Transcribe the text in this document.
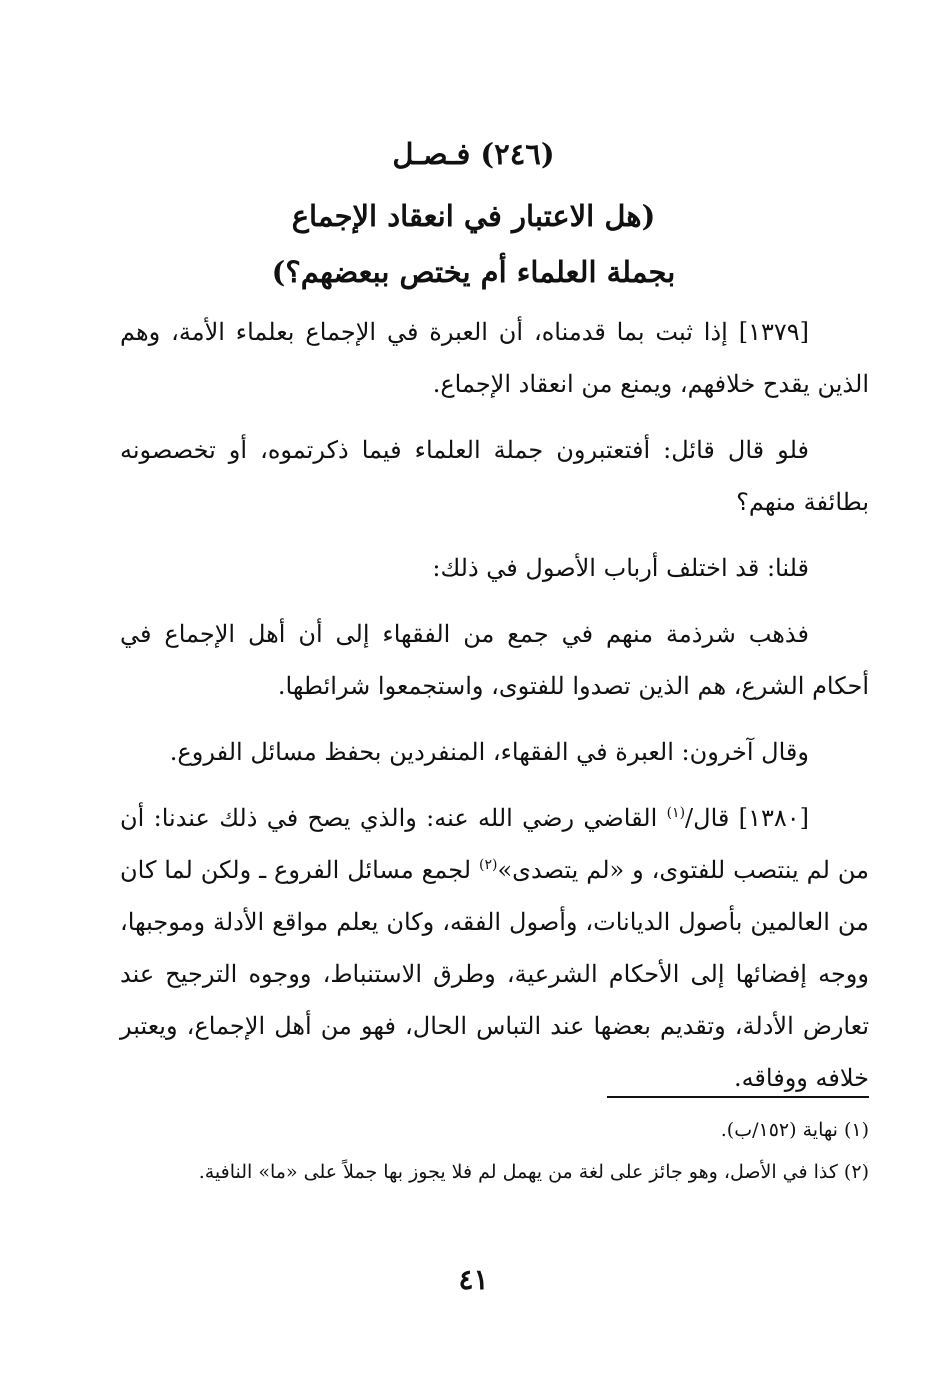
(٢٤٦) فـصـل
(هل الاعتبار في انعقاد الإجماع
بجملة العلماء أم يختص ببعضهم؟)

[١٣٧٩] إذا ثبت بما قدمناه، أن العبرة في الإجماع بعلماء الأمة، وهم الذين يقدح خلافهم، ويمنع من انعقاد الإجماع.

فلو قال قائل: أفتعتبرون جملة العلماء فيما ذكرتموه، أو تخصصونه بطائفة منهم؟

قلنا: قد اختلف أرباب الأصول في ذلك:

فذهب شرذمة منهم في جمع من الفقهاء إلى أن أهل الإجماع في أحكام الشرع، هم الذين تصدوا للفتوى، واستجمعوا شرائطها.

وقال آخرون: العبرة في الفقهاء، المنفردين بحفظ مسائل الفروع.

[١٣٨٠] قال/$^{(١)}$ القاضي رضي الله عنه: والذي يصح في ذلك عندنا: أن من لم ينتصب للفتوى، و «لم يتصدى»$^{(٢)}$ لجمع مسائل الفروع ـ ولكن لما كان من العالمين بأصول الديانات، وأصول الفقه، وكان يعلم مواقع الأدلة وموجبها، ووجه إفضائها إلى الأحكام الشرعية، وطرق الاستنباط، ووجوه الترجيح عند تعارض الأدلة، وتقديم بعضها عند التباس الحال، فهو من أهل الإجماع، ويعتبر خلافه ووفاقه.

(١) نهاية (١٥٢/ب).

(٢) كذا في الأصل، وهو جائز على لغة من يهمل لم فلا يجوز بها جملاً على «ما» النافية.

٤١
